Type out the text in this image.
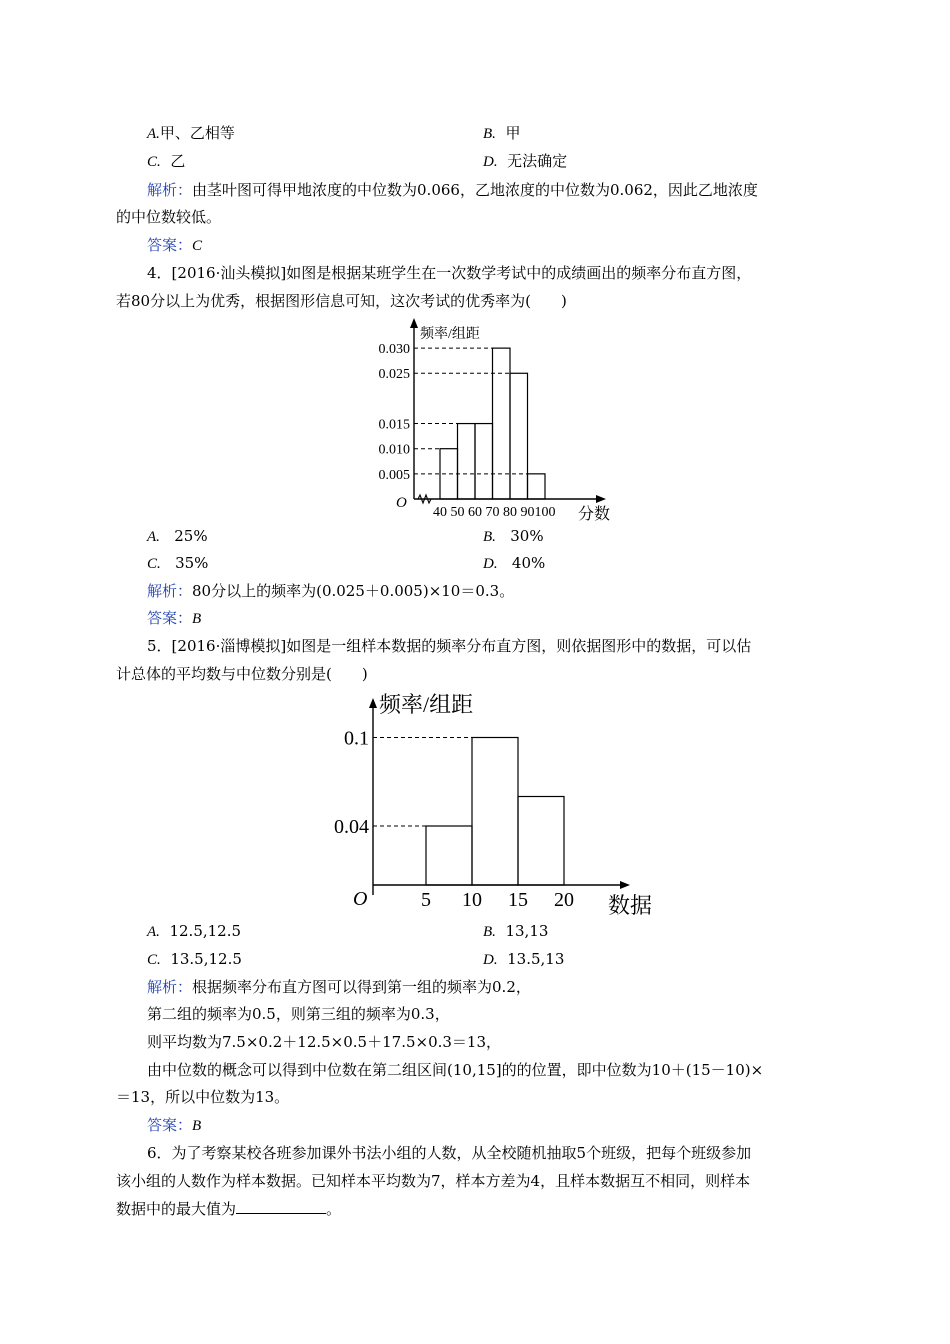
A.甲、乙相等	B. 甲
C. 乙	D. 无法确定
解析：由茎叶图可得甲地浓度的中位数为0.066，乙地浓度的中位数为0.062，因此乙地浓度
的中位数较低。
答案：C
4．[2016·汕头模拟]如图是根据某班学生在一次数学考试中的成绩画出的频率分布直方图，
若80分以上为优秀，根据图形信息可知，这次考试的优秀率为(　　)
O
频率/组距
0.005
0.010
0.015
0.025
0.030
40 50 60 70 80 90 100 分数
A. 25%	B. 30%
C. 35%	D. 40%
解析：80分以上的频率为(0.025＋0.005)×10＝0.3。
答案：B
5．[2016·淄博模拟]如图是一组样本数据的频率分布直方图，则依据图形中的数据，可以估
计总体的平均数与中位数分别是(　　)
O
频率/组距
0.04
0.1
5 10 15 20 数据
A. 12.5,12.5	B. 13,13
C. 13.5,12.5	D. 13.5,13
解析：根据频率分布直方图可以得到第一组的频率为0.2，
第二组的频率为0.5，则第三组的频率为0.3，
则平均数为7.5×0.2＋12.5×0.5＋17.5×0.3＝13，
由中位数的概念可以得到中位数在第二组区间(10,15]的的位置，即中位数为10＋(15－10)×
＝13，所以中位数为13。
答案：B
6．为了考察某校各班参加课外书法小组的人数，从全校随机抽取5个班级，把每个班级参加
该小组的人数作为样本数据。已知样本平均数为7，样本方差为4，且样本数据互不相同，则样本
数据中的最大值为	。
